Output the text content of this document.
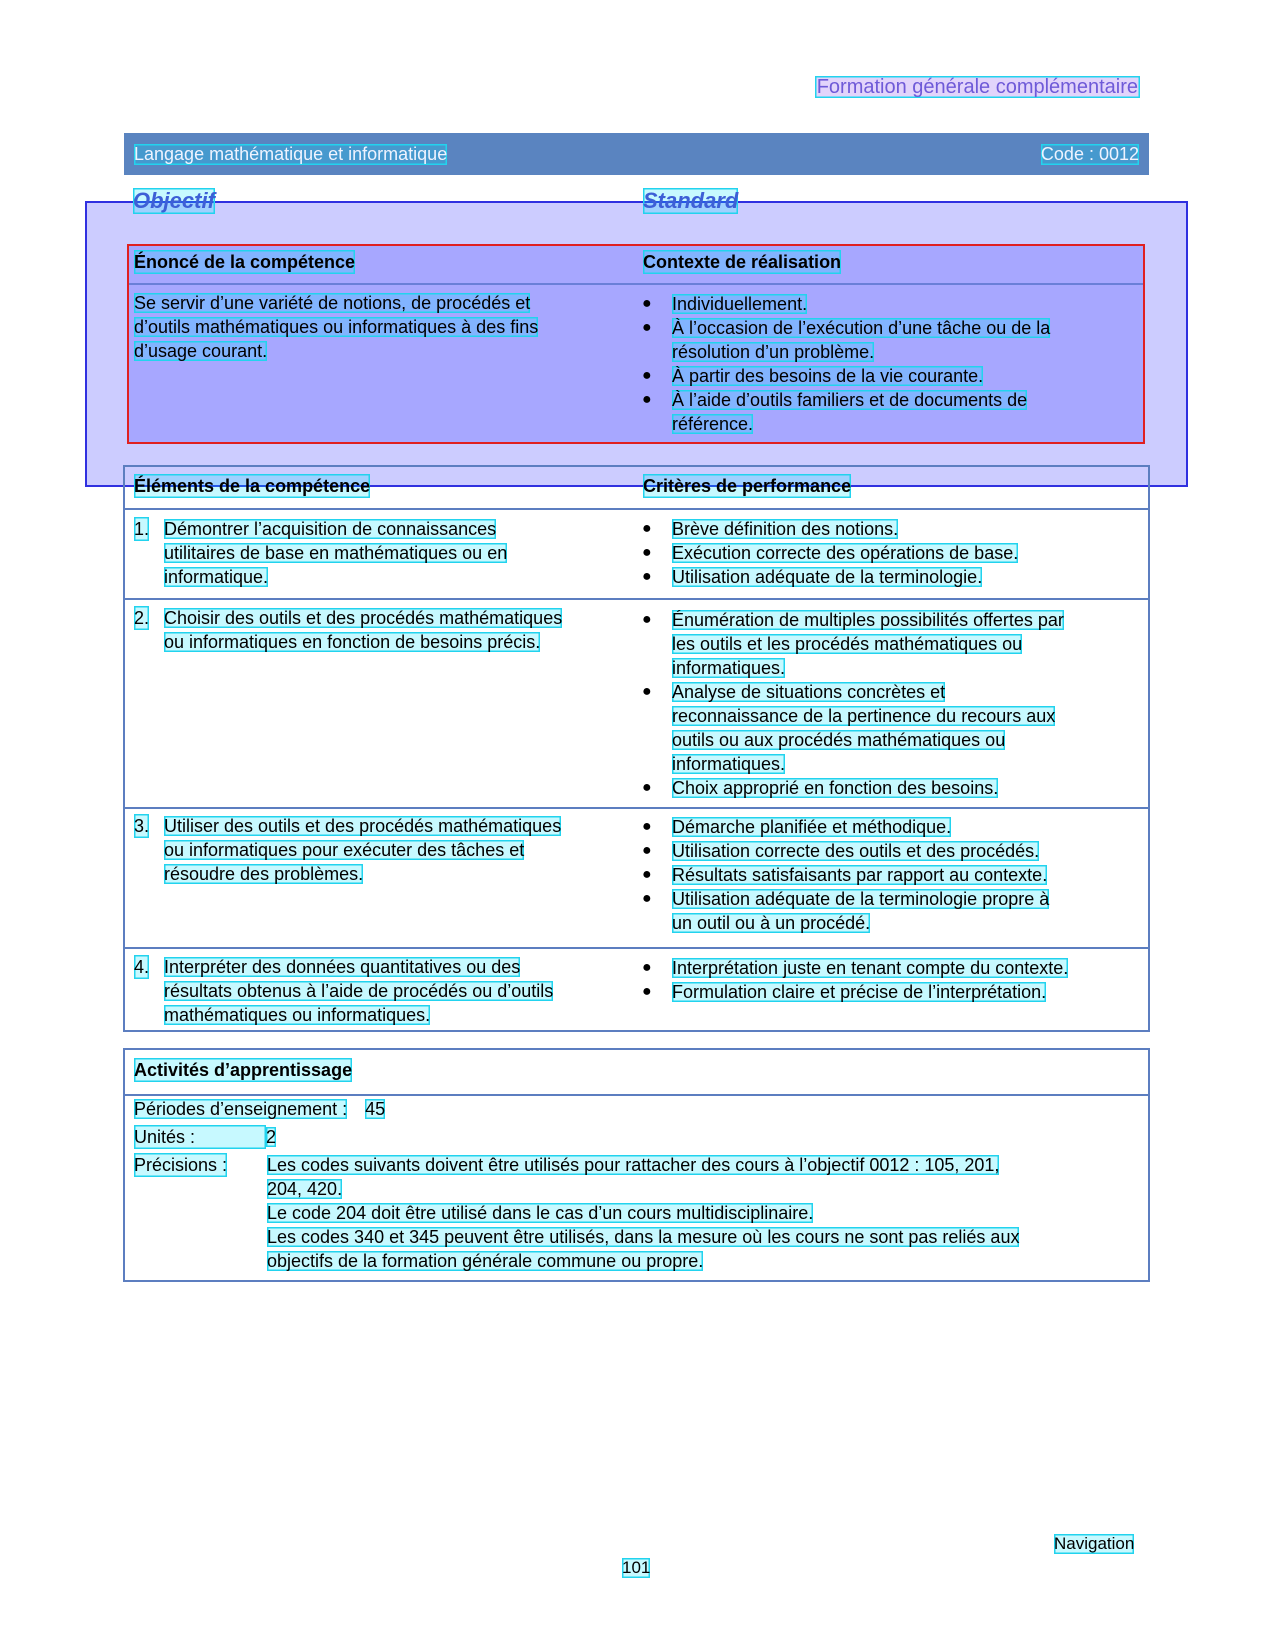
Formation générale complémentaire
Langage mathématique et informatique	Code : 0012
Objectif	Standard
Énoncé de la compétence	Contexte de réalisation
Se servir d’une variété de notions, de procédés et
d’outils mathématiques ou informatiques à des fins
d’usage courant.
● Individuellement.
● À l’occasion de l’exécution d’une tâche ou de la
résolution d’un problème.
● À partir des besoins de la vie courante.
● À l’aide d’outils familiers et de documents de
référence.
Éléments de la compétence	Critères de performance
1. Démontrer l’acquisition de connaissances
utilitaires de base en mathématiques ou en
informatique.
● Brève définition des notions.
● Exécution correcte des opérations de base.
● Utilisation adéquate de la terminologie.
2. Choisir des outils et des procédés mathématiques
ou informatiques en fonction de besoins précis.
● Énumération de multiples possibilités offertes par
les outils et les procédés mathématiques ou
informatiques.
● Analyse de situations concrètes et
reconnaissance de la pertinence du recours aux
outils ou aux procédés mathématiques ou
informatiques.
● Choix approprié en fonction des besoins.
3. Utiliser des outils et des procédés mathématiques
ou informatiques pour exécuter des tâches et
résoudre des problèmes.
● Démarche planifiée et méthodique.
● Utilisation correcte des outils et des procédés.
● Résultats satisfaisants par rapport au contexte.
● Utilisation adéquate de la terminologie propre à
un outil ou à un procédé.
4. Interpréter des données quantitatives ou des
résultats obtenus à l’aide de procédés ou d’outils
mathématiques ou informatiques.
● Interprétation juste en tenant compte du contexte.
● Formulation claire et précise de l’interprétation.
Activités d’apprentissage
Périodes d’enseignement : 45
Unités :	2
Précisions : Les codes suivants doivent être utilisés pour rattacher des cours à l’objectif 0012 : 105, 201,
204, 420.
Le code 204 doit être utilisé dans le cas d’un cours multidisciplinaire.
Les codes 340 et 345 peuvent être utilisés, dans la mesure où les cours ne sont pas reliés aux
objectifs de la formation générale commune ou propre.
Navigation
101
